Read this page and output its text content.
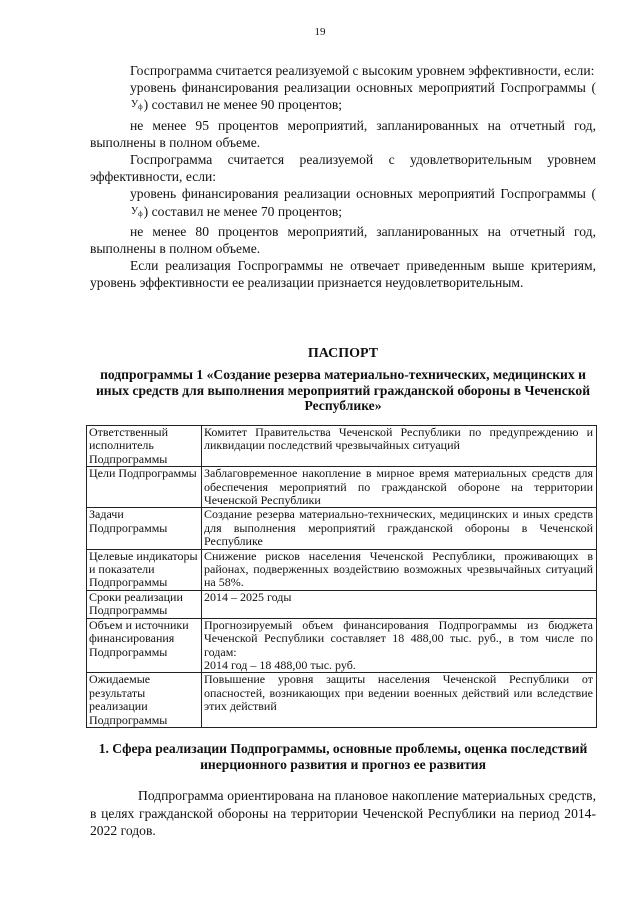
19

Госпрограмма считается реализуемой с высоким уровнем эффективности, если:

уровень финансирования реализации основных мероприятий Госпрограммы $(У_ф)$ составил не менее 90 процентов;

не менее 95 процентов мероприятий, запланированных на отчетный год, выполнены в полном объеме.

Госпрограмма считается реализуемой с удовлетворительным уровнем эффективности, если:

уровень финансирования реализации основных мероприятий Госпрограммы $(У_ф)$ составил не менее 70 процентов;

не менее 80 процентов мероприятий, запланированных на отчетный год, выполнены в полном объеме.

Если реализация Госпрограммы не отвечает приведенным выше критериям, уровень эффективности ее реализации признается неудовлетворительным.

ПАСПОРТ
подпрограммы 1 «Создание резерва материально-технических, медицинских и иных средств для выполнения мероприятий гражданской обороны в Чеченской Республике»
Ответственный исполнитель Подпрограммы	Комитет Правительства Чеченской Республики по предупреждению и ликвидации последствий чрезвычайных ситуаций
Цели Подпрограммы	Заблаговременное накопление в мирное время материальных средств для обеспечения мероприятий по гражданской обороне на территории Чеченской Республики
Задачи Подпрограммы	Создание резерва материально-технических, медицинских и иных средств для выполнения мероприятий гражданской обороны в Чеченской Республике
Целевые индикаторы и показатели Подпрограммы	Снижение рисков населения Чеченской Республики, проживающих в районах, подверженных воздействию возможных чрезвычайных ситуаций на 58%.
Сроки реализации Подпрограммы	2014 – 2025 годы
Объем и источники финансирования Подпрограммы	Прогнозируемый объем финансирования Подпрограммы из бюджета Чеченской Республики составляет 18 488,00 тыс. руб., в том числе по годам:
2014 год – 18 488,00 тыс. руб.

Ожидаемые результаты реализации Подпрограммы	Повышение уровня защиты населения Чеченской Республики от опасностей, возникающих при ведении военных действий или вследствие этих действий
1. Сфера реализации Подпрограммы, основные проблемы, оценка последствий инерционного развития и прогноз ее развития

Подпрограмма ориентирована на плановое накопление материальных средств, в целях гражданской обороны на территории Чеченской Республики на период 2014-2022 годов.
